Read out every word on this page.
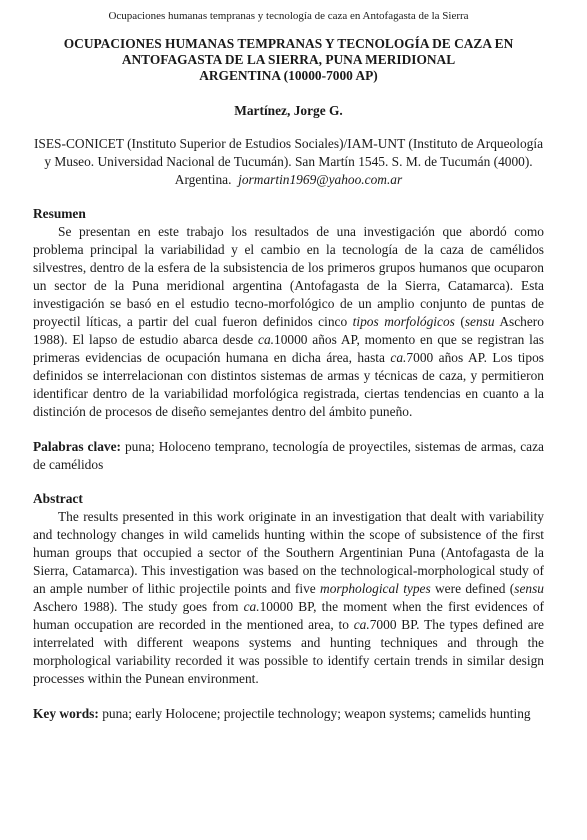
Ocupaciones humanas tempranas y tecnología de caza en Antofagasta de la Sierra
OCUPACIONES HUMANAS TEMPRANAS Y TECNOLOGÍA DE CAZA EN
ANTOFAGASTA DE LA SIERRA, PUNA MERIDIONAL
ARGENTINA (10000-7000 AP)
Martínez, Jorge G.
ISES-CONICET (Instituto Superior de Estudios Sociales)/IAM-UNT (Instituto de Arqueología y Museo. Universidad Nacional de Tucumán). San Martín 1545. S. M. de Tucumán (4000). Argentina. jormartin1969@yahoo.com.ar
Resumen

Se presentan en este trabajo los resultados de una investigación que abordó como problema principal la variabilidad y el cambio en la tecnología de la caza de camélidos silvestres, dentro de la esfera de la subsistencia de los primeros grupos humanos que ocuparon un sector de la Puna meridional argentina (Antofagasta de la Sierra, Catamarca). Esta investigación se basó en el estudio tecno-morfológico de un amplio conjunto de puntas de proyectil líticas, a partir del cual fueron definidos cinco tipos morfológicos (sensu Aschero 1988). El lapso de estudio abarca desde ca.10000 años AP, momento en que se registran las primeras evidencias de ocupación humana en dicha área, hasta ca.7000 años AP. Los tipos definidos se interrelacionan con distintos sistemas de armas y técnicas de caza, y permitieron identificar dentro de la variabilidad morfológica registrada, ciertas tendencias en cuanto a la distinción de procesos de diseño semejantes dentro del ámbito puneño.

Palabras clave: puna; Holoceno temprano, tecnología de proyectiles, sistemas de armas, caza de camélidos
Abstract

The results presented in this work originate in an investigation that dealt with variability and technology changes in wild camelids hunting within the scope of subsistence of the first human groups that occupied a sector of the Southern Argentinian Puna (Antofagasta de la Sierra, Catamarca). This investigation was based on the technological-morphological study of an ample number of lithic projectile points and five morphological types were defined (sensu Aschero 1988). The study goes from ca.10000 BP, the moment when the first evidences of human occupation are recorded in the mentioned area, to ca.7000 BP. The types defined are interrelated with different weapons systems and hunting techniques and through the morphological variability recorded it was possible to identify certain trends in similar design processes within the Punean environment.

Key words: puna; early Holocene; projectile technology; weapon systems; camelids hunting
